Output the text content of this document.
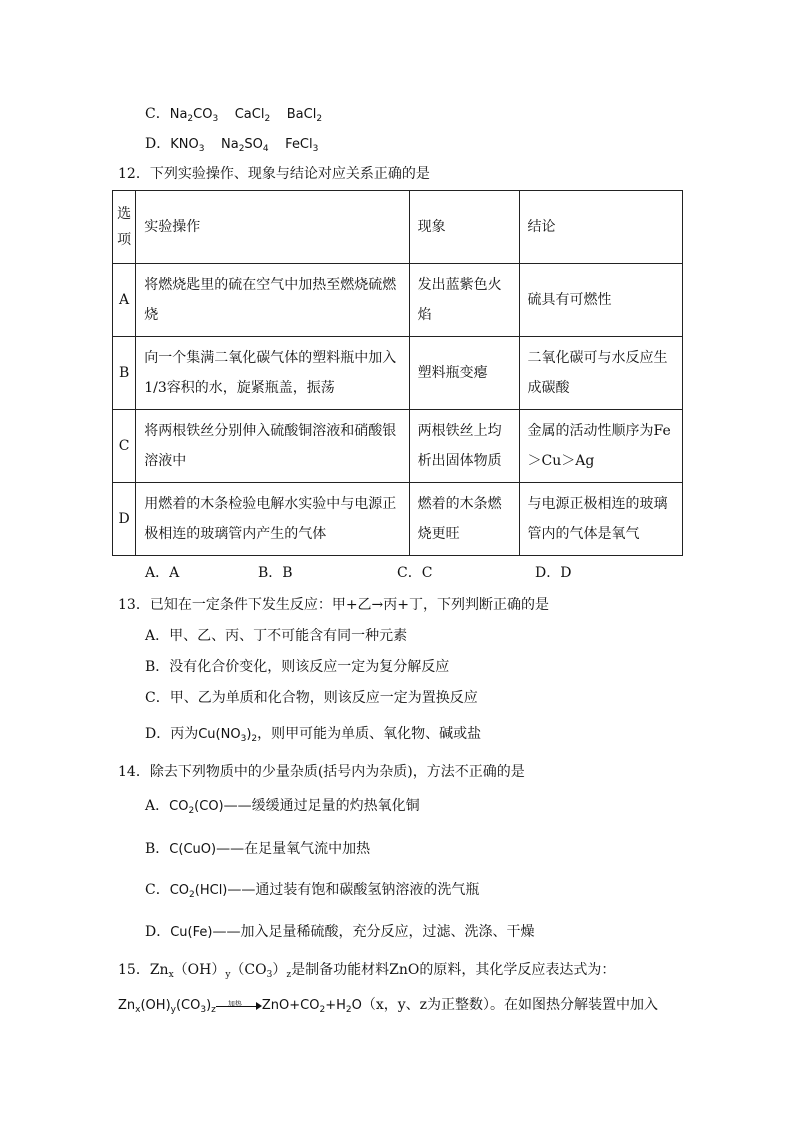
C．$Na_2CO_3$ CaCl$_2$ BaCl$_2$
D．$KNO_3$ $Na_2SO_4$ FeCl$_3$
12．下列实验操作、现象与结论对应关系正确的是
选项	实验操作	现象	结论
A	将燃烧匙里的硫在空气中加热至燃烧硫燃烧	发出蓝紫色火焰	硫具有可燃性
B	向一个集满二氧化碳气体的塑料瓶中加入1/3容积的水，旋紧瓶盖，振荡	塑料瓶变瘪	二氧化碳可与水反应生成碳酸
C	将两根铁丝分别伸入硫酸铜溶液和硝酸银溶液中	两根铁丝上均析出固体物质	金属的活动性顺序为Fe＞Cu＞Ag
D	用燃着的木条检验电解水实验中与电源正极相连的玻璃管内产生的气体	燃着的木条燃烧更旺	与电源正极相连的玻璃管内的气体是氧气
A．A	B．B	C．C	D．D
13．已知在一定条件下发生反应：甲+乙→丙+丁，下列判断正确的是
A．甲、乙、丙、丁不可能含有同一种元素
B．没有化合价变化，则该反应一定为复分解反应
C．甲、乙为单质和化合物，则该反应一定为置换反应
D．丙为$Cu(NO_3)_2$，则甲可能为单质、氧化物、碱或盐
14．除去下列物质中的少量杂质(括号内为杂质)，方法不正确的是
A．$CO_2(CO)——$缓缓通过足量的灼热氧化铜
B．C(CuO)——在足量氧气流中加热
C．$CO_2(HCl)——$通过装有饱和碳酸氢钠溶液的洗气瓶
D．Cu(Fe)——加入足量稀硫酸，充分反应，过滤、洗涤、干燥
15．$Zn_x(OH)_y(CO_3)_z$是制备功能材料ZnO的原料，其化学反应表达式为：
$Zn_x(OH)_y(CO_3)_z$
加热 $ZnO+CO_2+H_2O(x$，y、z为正整数）。在如图热分解装置中加入
